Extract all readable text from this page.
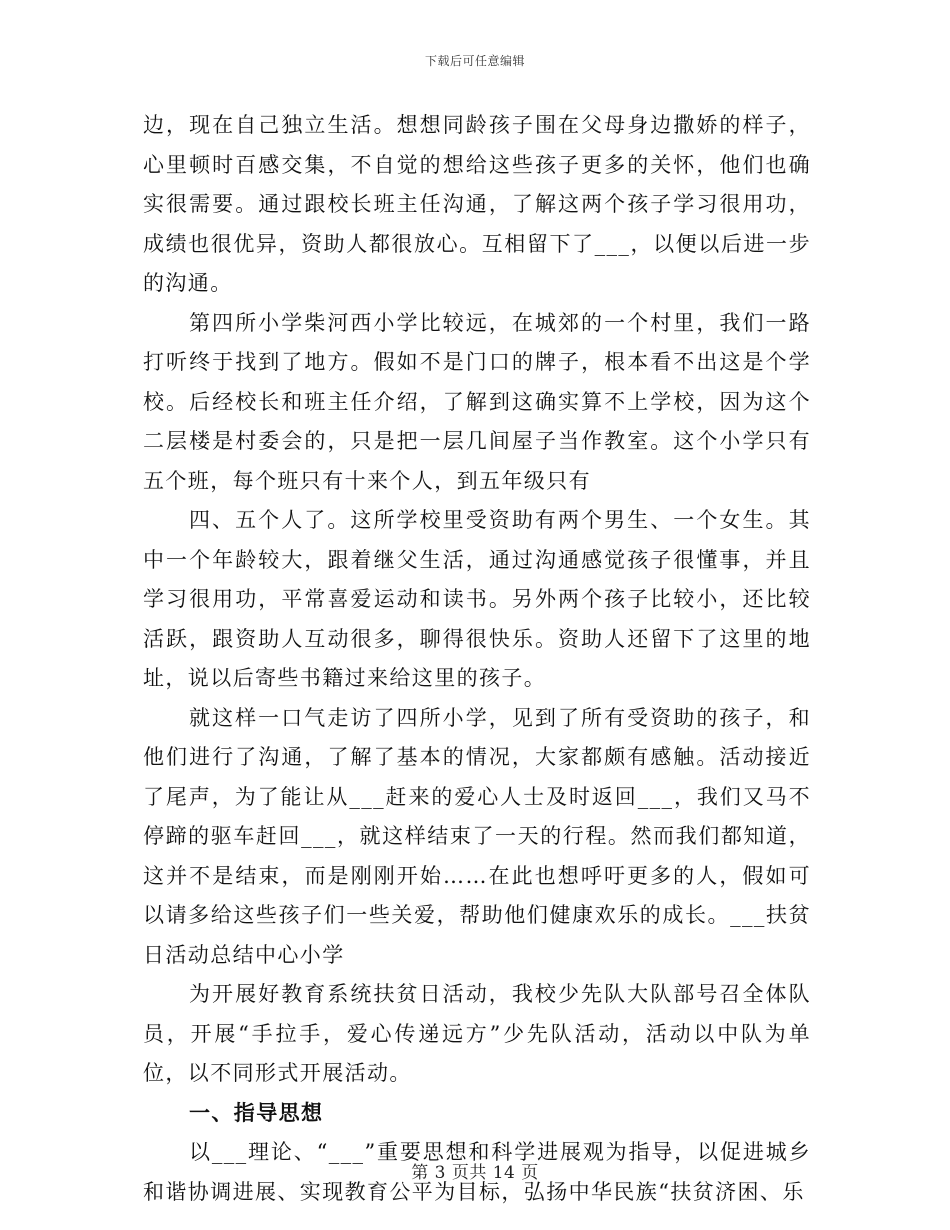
下载后可任意编辑

边，现在自己独立生活。想想同龄孩子围在父母身边撒娇的样子，心里顿时百感交集，不自觉的想给这些孩子更多的关怀，他们也确实很需要。通过跟校长班主任沟通，了解这两个孩子学习很用功，成绩也很优异，资助人都很放心。互相留下了___，以便以后进一步的沟通。

第四所小学柴河西小学比较远，在城郊的一个村里，我们一路打听终于找到了地方。假如不是门口的牌子，根本看不出这是个学校。后经校长和班主任介绍，了解到这确实算不上学校，因为这个二层楼是村委会的，只是把一层几间屋子当作教室。这个小学只有五个班，每个班只有十来个人，到五年级只有

四、五个人了。这所学校里受资助有两个男生、一个女生。其中一个年龄较大，跟着继父生活，通过沟通感觉孩子很懂事，并且学习很用功，平常喜爱运动和读书。另外两个孩子比较小，还比较活跃，跟资助人互动很多，聊得很快乐。资助人还留下了这里的地址，说以后寄些书籍过来给这里的孩子。

就这样一口气走访了四所小学，见到了所有受资助的孩子，和他们进行了沟通，了解了基本的情况，大家都颇有感触。活动接近了尾声，为了能让从___赶来的爱心人士及时返回___，我们又马不停蹄的驱车赶回___，就这样结束了一天的行程。然而我们都知道，这并不是结束，而是刚刚开始……在此也想呼吁更多的人，假如可以请多给这些孩子们一些关爱，帮助他们健康欢乐的成长。___扶贫日活动总结中心小学

为开展好教育系统扶贫日活动，我校少先队大队部号召全体队员，开展“手拉手，爱心传递远方”少先队活动，活动以中队为单位，以不同形式开展活动。

一、指导思想

以___理论、“___”重要思想和科学进展观为指导，以促进城乡和谐协调进展、实现教育公平为目标，弘扬中华民族“扶贫济困、乐

第 3 页共 14 页
